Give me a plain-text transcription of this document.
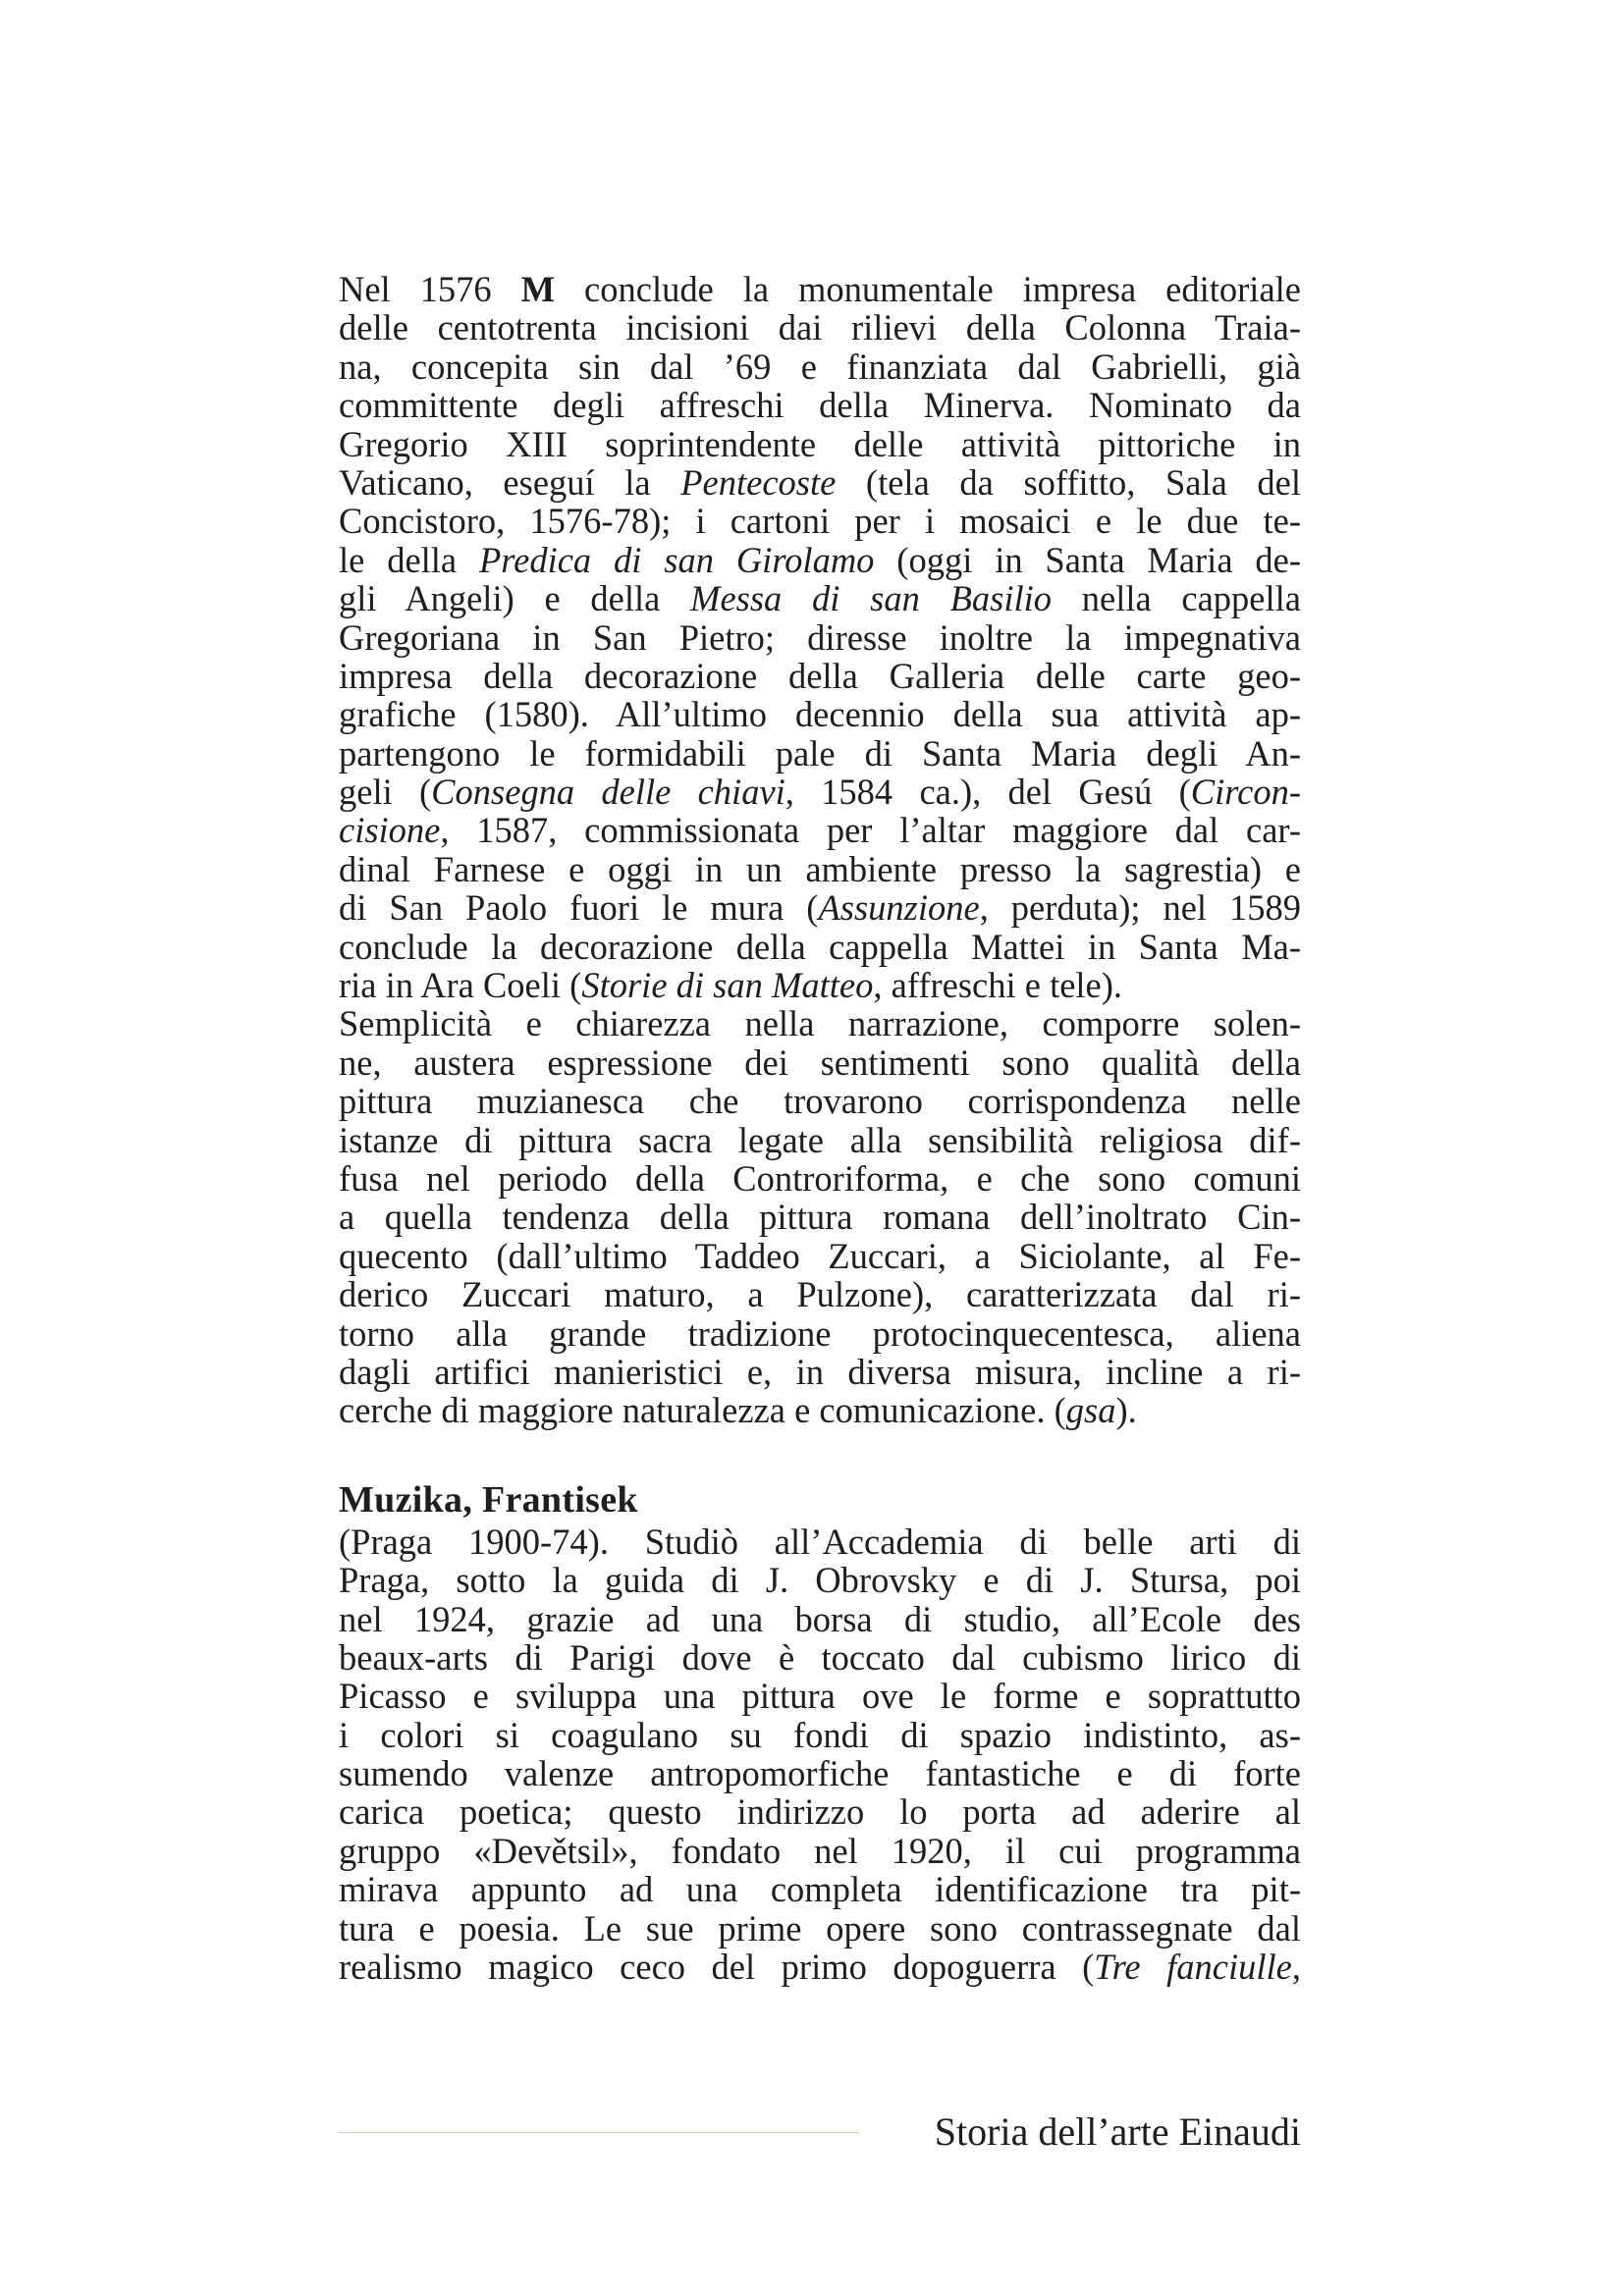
Nel 1576 M conclude la monumentale impresa editoriale
delle centotrenta incisioni dai rilievi della Colonna Traia-
na, concepita sin dal ’69 e finanziata dal Gabrielli, già
committente degli affreschi della Minerva. Nominato da
Gregorio XIII soprintendente delle attività pittoriche in
Vaticano, eseguí la Pentecoste (tela da soffitto, Sala del
Concistoro, 1576-78); i cartoni per i mosaici e le due te-
le della Predica di san Girolamo (oggi in Santa Maria de-
gli Angeli) e della Messa di san Basilio nella cappella
Gregoriana in San Pietro; diresse inoltre la impegnativa
impresa della decorazione della Galleria delle carte geo-
grafiche (1580). All’ultimo decennio della sua attività ap-
partengono le formidabili pale di Santa Maria degli An-
geli (Consegna delle chiavi, 1584 ca.), del Gesú (Circon-
cisione, 1587, commissionata per l’altar maggiore dal car-
dinal Farnese e oggi in un ambiente presso la sagrestia) e
di San Paolo fuori le mura (Assunzione, perduta); nel 1589
conclude la decorazione della cappella Mattei in Santa Ma-
ria in Ara Coeli (Storie di san Matteo, affreschi e tele).
Semplicità e chiarezza nella narrazione, comporre solen-
ne, austera espressione dei sentimenti sono qualità della
pittura muzianesca che trovarono corrispondenza nelle
istanze di pittura sacra legate alla sensibilità religiosa dif-
fusa nel periodo della Controriforma, e che sono comuni
a quella tendenza della pittura romana dell’inoltrato Cin-
quecento (dall’ultimo Taddeo Zuccari, a Siciolante, al Fe-
derico Zuccari maturo, a Pulzone), caratterizzata dal ri-
torno alla grande tradizione protocinquecentesca, aliena
dagli artifici manieristici e, in diversa misura, incline a ri-
cerche di maggiore naturalezza e comunicazione. (gsa).
Muzika, Frantisek
(Praga 1900-74). Studiò all’Accademia di belle arti di
Praga, sotto la guida di J. Obrovsky e di J. Stursa, poi
nel 1924, grazie ad una borsa di studio, all’Ecole des
beaux-arts di Parigi dove è toccato dal cubismo lirico di
Picasso e sviluppa una pittura ove le forme e soprattutto
i colori si coagulano su fondi di spazio indistinto, as-
sumendo valenze antropomorfiche fantastiche e di forte
carica poetica; questo indirizzo lo porta ad aderire al
gruppo «Devětsil», fondato nel 1920, il cui programma
mirava appunto ad una completa identificazione tra pit-
tura e poesia. Le sue prime opere sono contrassegnate dal
realismo magico ceco del primo dopoguerra (Tre fanciulle,
Storia dell’arte Einaudi
